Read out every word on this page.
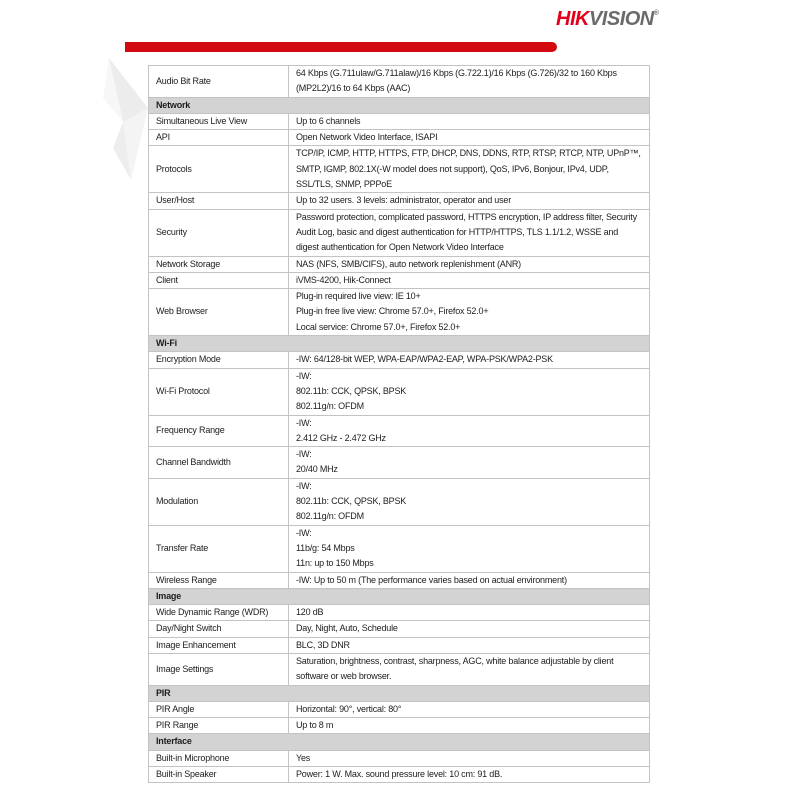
HIKVISION®
Audio Bit Rate	64 Kbps (G.711ulaw/G.711alaw)/16 Kbps (G.722.1)/16 Kbps (G.726)/32 to 160 Kbps (MP2L2)/16 to 64 Kbps (AAC)
Network	
Simultaneous Live View	Up to 6 channels

API	Open Network Video Interface, ISAPI

Protocols	TCP/IP, ICMP, HTTP, HTTPS, FTP, DHCP, DNS, DDNS, RTP, RTSP, RTCP, NTP, UPnP™, SMTP, IGMP, 802.1X(-W model does not support), QoS, IPv6, Bonjour, IPv4, UDP, SSL/TLS, SNMP, PPPoE
User/Host	Up to 32 users. 3 levels: administrator, operator and user

Security	Password protection, complicated password, HTTPS encryption, IP address filter, Security Audit Log, basic and digest authentication for HTTP/HTTPS, TLS 1.1/1.2, WSSE and digest authentication for Open Network Video Interface
Network Storage	NAS (NFS, SMB/CIFS), auto network replenishment (ANR)

Client	iVMS-4200, Hik-Connect

Web Browser	Plug-in required live view: IE 10+
Plug-in free live view: Chrome 57.0+, Firefox 52.0+
Local service: Chrome 57.0+, Firefox 52.0+

Wi-Fi	
Encryption Mode	-IW: 64/128-bit WEP, WPA-EAP/WPA2-EAP, WPA-PSK/WPA2-PSK

Wi-Fi Protocol	-IW:
802.11b: CCK, QPSK, BPSK
802.11g/n: OFDM

Frequency Range	-IW:
2.412 GHz - 2.472 GHz

Channel Bandwidth	-IW:
20/40 MHz

Modulation	-IW:
802.11b: CCK, QPSK, BPSK
802.11g/n: OFDM

Transfer Rate	-IW:
11b/g: 54 Mbps
11n: up to 150 Mbps

Wireless Range	-IW: Up to 50 m (The performance varies based on actual environment)

Image	
Wide Dynamic Range (WDR)	120 dB

Day/Night Switch	Day, Night, Auto, Schedule

Image Enhancement	BLC, 3D DNR

Image Settings	Saturation, brightness, contrast, sharpness, AGC, white balance adjustable by client software or web browser.
PIR	
PIR Angle	Horizontal: 90°, vertical: 80°

PIR Range	Up to 8 m

Interface	
Built-in Microphone	Yes

Built-in Speaker	Power: 1 W. Max. sound pressure level: 10 cm: 91 dB.
